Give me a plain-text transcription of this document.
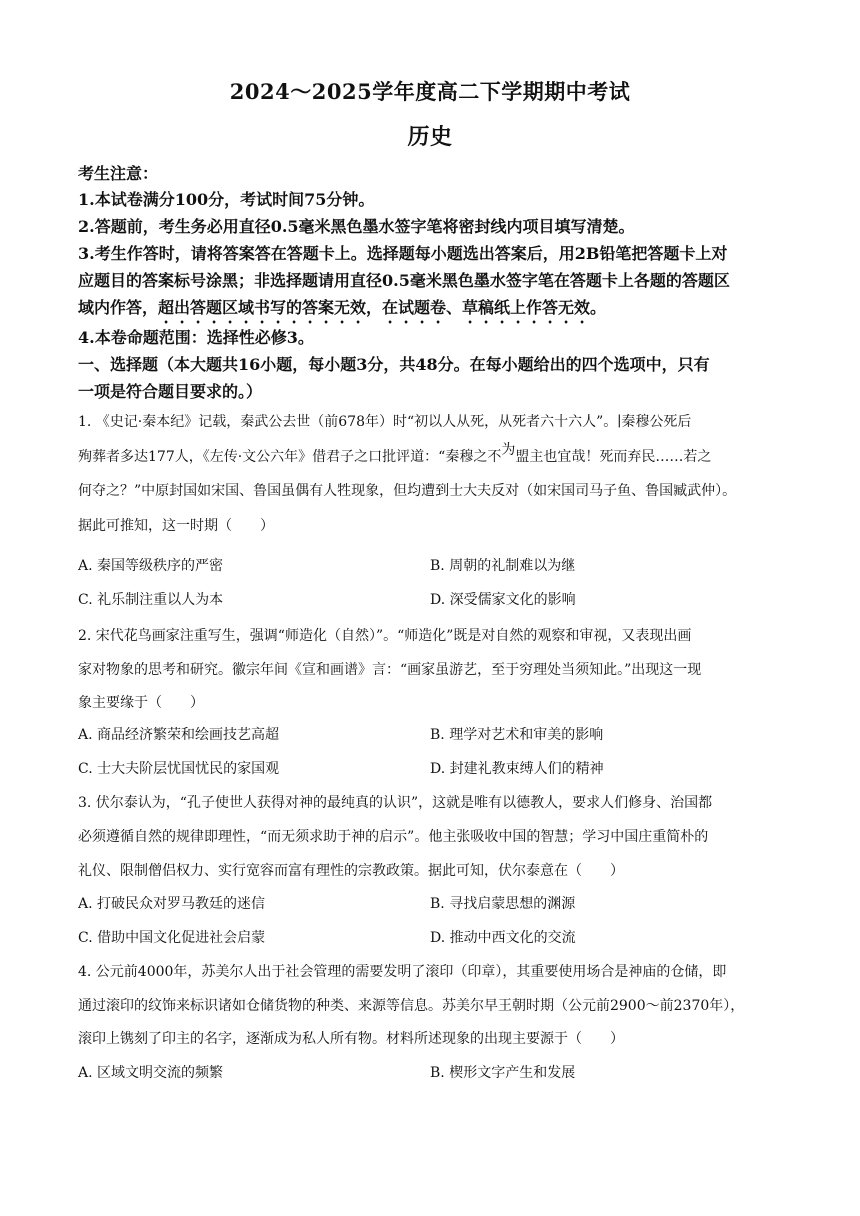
2024～2025学年度高二下学期期中考试
历史
考生注意：
1.本试卷满分100分，考试时间75分钟。
2.答题前，考生务必用直径0.5毫米黑色墨水签字笔将密封线内项目填写清楚。
3.考生作答时，请将答案答在答题卡上。选择题每小题选出答案后，用2B铅笔把答题卡上对
应题目的答案标号涂黑；非选择题请用直径0.5毫米黑色墨水签字笔在答题卡上各题的答题区
域内作答，超出答题区域书写的答案无效，在试题卷、草稿纸上作答无效。
4.本卷命题范围：选择性必修3。
一、选择题（本大题共16小题，每小题3分，共48分。在每小题给出的四个选项中，只有
一项是符合题目要求的。）
1. 《史记·秦本纪》记载，秦武公去世（前678年）时“初以人从死，从死者六十六人”。∣秦穆公死后
殉葬者多达177人，《左传·文公六年》借君子之口批评道：“秦穆之不为盟主也宜哉！死而弃民……若之
何夺之？”中原封国如宋国、鲁国虽偶有人牲现象，但均遭到士大夫反对（如宋国司马子鱼、鲁国臧武仲）。
据此可推知，这一时期（　　）
A. 秦国等级秩序的严密	B. 周朝的礼制难以为继
C. 礼乐制注重以人为本	D. 深受儒家文化的影响
2. 宋代花鸟画家注重写生，强调“师造化（自然）”。“师造化”既是对自然的观察和审视，又表现出画
家对物象的思考和研究。徽宗年间《宣和画谱》言：“画家虽游艺，至于穷理处当须知此。”出现这一现
象主要缘于（　　）
A. 商品经济繁荣和绘画技艺高超	B. 理学对艺术和审美的影响
C. 士大夫阶层忧国忧民的家国观	D. 封建礼教束缚人们的精神
3. 伏尔泰认为，“孔子使世人获得对神的最纯真的认识”，这就是唯有以德教人，要求人们修身、治国都
必须遵循自然的规律即理性，“而无须求助于神的启示”。他主张吸收中国的智慧；学习中国庄重简朴的
礼仪、限制僧侣权力、实行宽容而富有理性的宗教政策。据此可知，伏尔泰意在（　　）
A. 打破民众对罗马教廷的迷信	B. 寻找启蒙思想的渊源
C. 借助中国文化促进社会启蒙	D. 推动中西文化的交流
4. 公元前4000年，苏美尔人出于社会管理的需要发明了滚印（印章），其重要使用场合是神庙的仓储，即
通过滚印的纹饰来标识诸如仓储货物的种类、来源等信息。苏美尔早王朝时期（公元前2900～前2370年），
滚印上镌刻了印主的名字，逐渐成为私人所有物。材料所述现象的出现主要源于（　　）
A. 区域文明交流的频繁	B. 楔形文字产生和发展
